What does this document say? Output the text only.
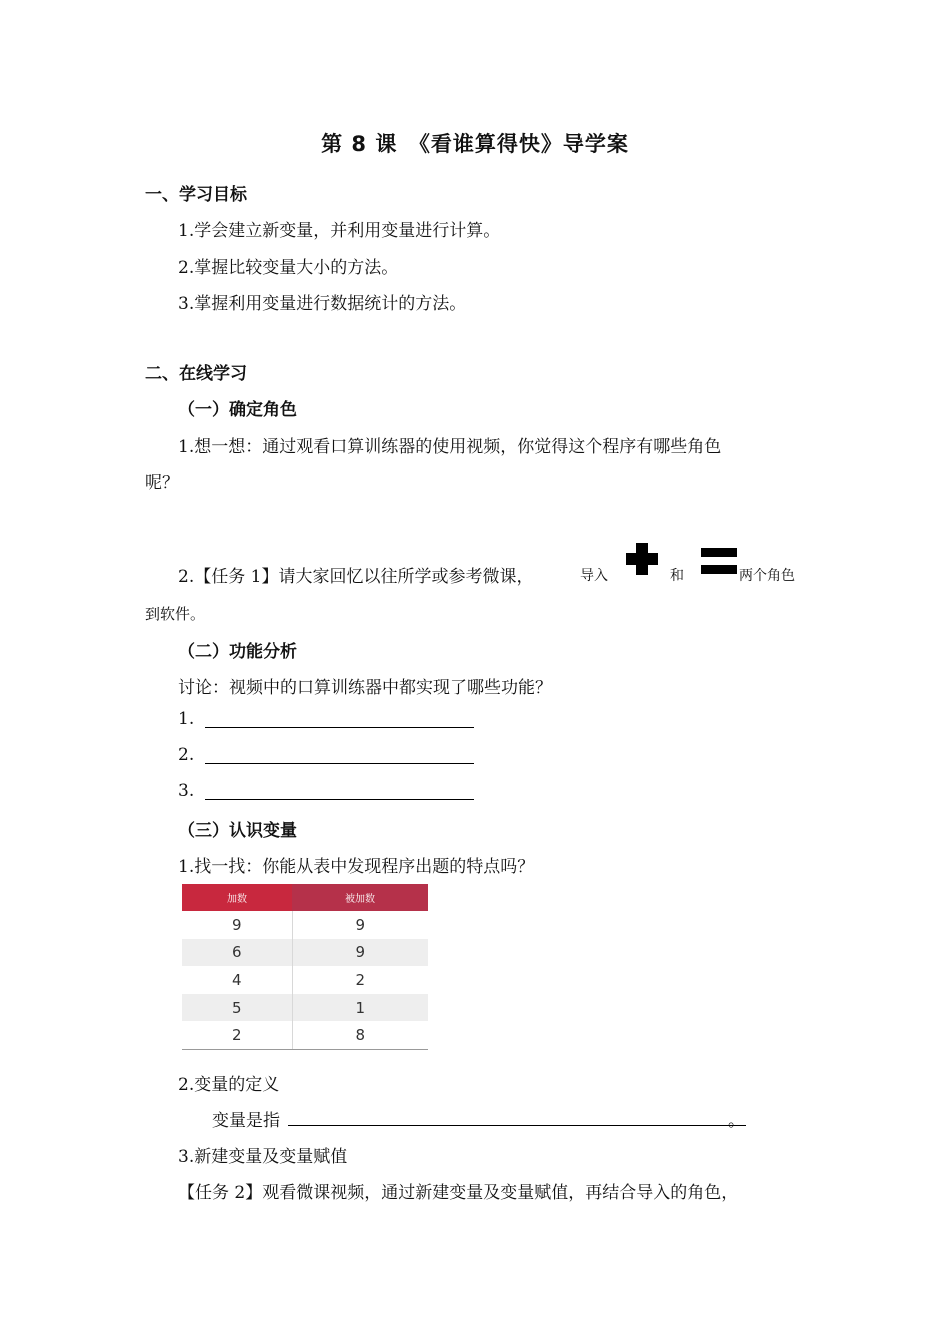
第 8 课　《看谁算得快》导学案
一、学习目标
1.学会建立新变量，并利用变量进行计算。
2.掌握比较变量大小的方法。
3.掌握利用变量进行数据统计的方法。
二、在线学习
（一）确定角色
1.想一想：通过观看口算训练器的使用视频，你觉得这个程序有哪些角色
呢？
2.【任务 1】请大家回忆以往所学或参考微课，	导入	和	两个角色
到软件。
（二）功能分析
讨论：视频中的口算训练器中都实现了哪些功能？
1.
2.
3.
（三）认识变量
1.找一找：你能从表中发现程序出题的特点吗？
加数	被加数
9	9
6	9
4	2
5	1
2	8
2.变量的定义
变量是指	。
3.新建变量及变量赋值
【任务 2】观看微课视频，通过新建变量及变量赋值，再结合导入的角色，
